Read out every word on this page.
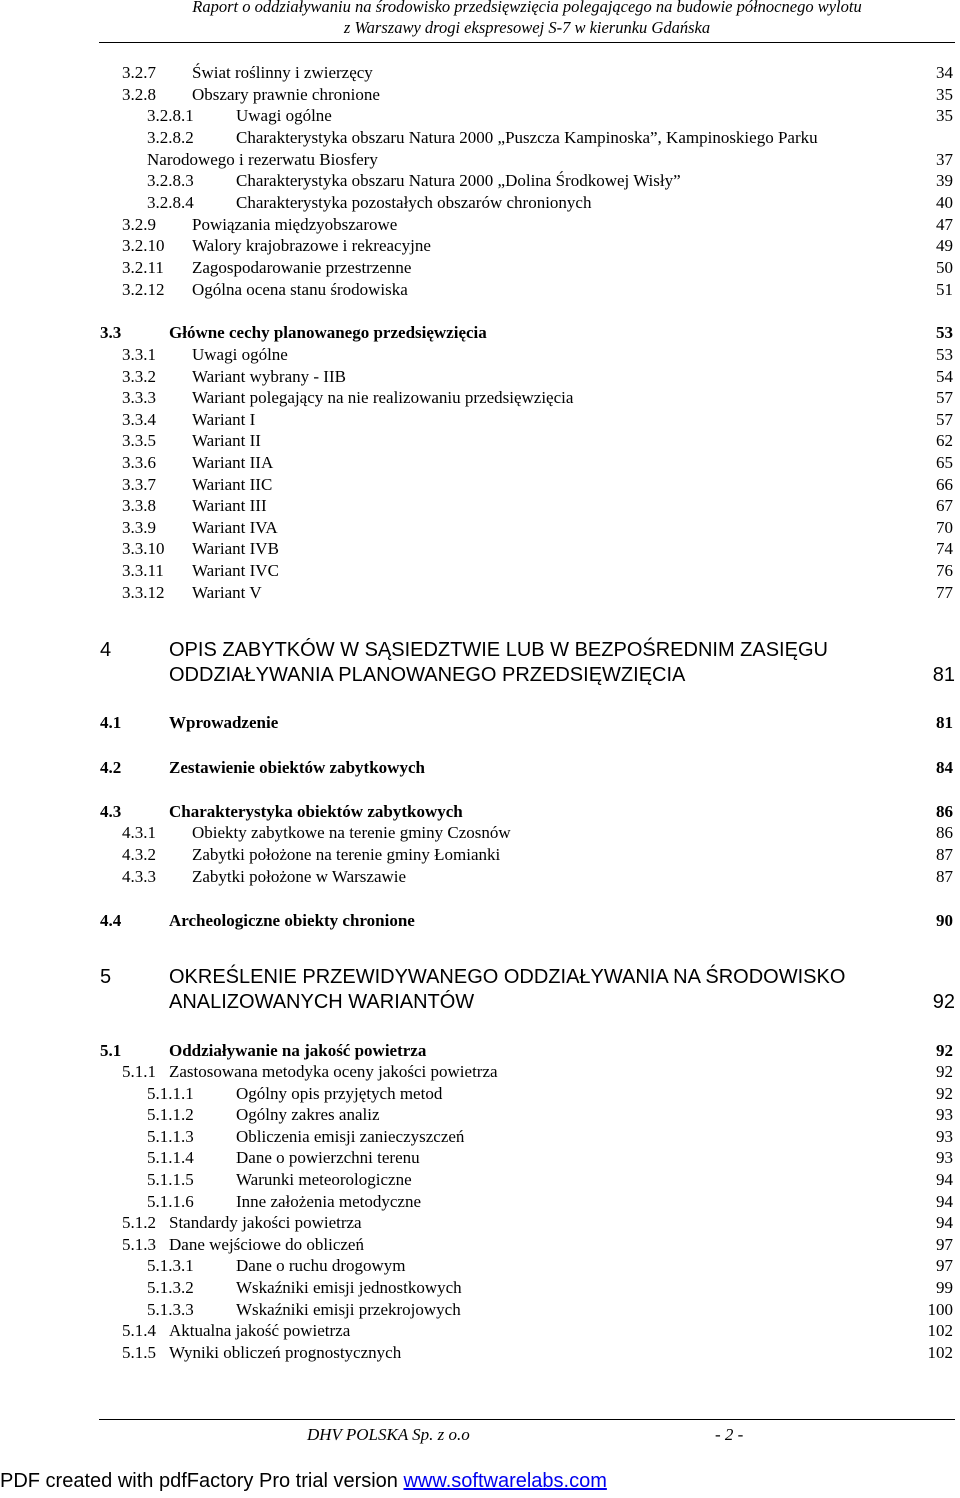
Raport o oddziaływaniu na środowisko przedsięwzięcia polegającego na budowie północnego wylotu
z Warszawy drogi ekspresowej S-7 w kierunku Gdańska
3.2.7 Świat roślinny i zwierzęcy	34
3.2.8 Obszary prawnie chronione	35
3.2.8.1 Uwagi ogólne	35
3.2.8.2 Charakterystyka obszaru Natura 2000 „Puszcza Kampinoska”, Kampinoskiego Parku
Narodowego i rezerwatu Biosfery	37
3.2.8.3 Charakterystyka obszaru Natura 2000 „Dolina Środkowej Wisły”	39
3.2.8.4 Charakterystyka pozostałych obszarów chronionych	40
3.2.9 Powiązania międzyobszarowe	47
3.2.10 Walory krajobrazowe i rekreacyjne	49
3.2.11 Zagospodarowanie przestrzenne	50
3.2.12 Ogólna ocena stanu środowiska	51
3.3	Główne cechy planowanego przedsięwzięcia	53
3.3.1 Uwagi ogólne	53
3.3.2 Wariant wybrany - IIB	54
3.3.3 Wariant polegający na nie realizowaniu przedsięwzięcia	57
3.3.4 Wariant I	57
3.3.5 Wariant II	62
3.3.6 Wariant IIA	65
3.3.7 Wariant IIC	66
3.3.8 Wariant III	67
3.3.9 Wariant IVA	70
3.3.10 Wariant IVB	74
3.3.11 Wariant IVC	76
3.3.12 Wariant V	77
4	OPIS ZABYTKÓW W SĄSIEDZTWIE LUB W BEZPOŚREDNIM ZASIĘGU
ODDZIAŁYWANIA PLANOWANEGO PRZEDSIĘWZIĘCIA	81
4.1	Wprowadzenie	81
4.2	Zestawienie obiektów zabytkowych	84
4.3	Charakterystyka obiektów zabytkowych	86
4.3.1 Obiekty zabytkowe na terenie gminy Czosnów	86
4.3.2 Zabytki położone na terenie gminy Łomianki	87
4.3.3 Zabytki położone w Warszawie	87
4.4	Archeologiczne obiekty chronione	90
5	OKREŚLENIE PRZEWIDYWANEGO ODDZIAŁYWANIA NA ŚRODOWISKO
ANALIZOWANYCH WARIANTÓW	92
5.1	Oddziaływanie na jakość powietrza	92
5.1.1 Zastosowana metodyka oceny jakości powietrza	92
5.1.1.1 Ogólny opis przyjętych metod	92
5.1.1.2 Ogólny zakres analiz	93
5.1.1.3 Obliczenia emisji zanieczyszczeń	93
5.1.1.4 Dane o powierzchni terenu	93
5.1.1.5 Warunki meteorologiczne	94
5.1.1.6 Inne założenia metodyczne	94
5.1.2 Standardy jakości powietrza	94
5.1.3 Dane wejściowe do obliczeń	97
5.1.3.1 Dane o ruchu drogowym	97
5.1.3.2 Wskaźniki emisji jednostkowych	99
5.1.3.3 Wskaźniki emisji przekrojowych	100
5.1.4 Aktualna jakość powietrza	102
5.1.5 Wyniki obliczeń prognostycznych	102
DHV POLSKA Sp. z o.o	- 2 -
PDF created with pdfFactory Pro trial version www.softwarelabs.com
